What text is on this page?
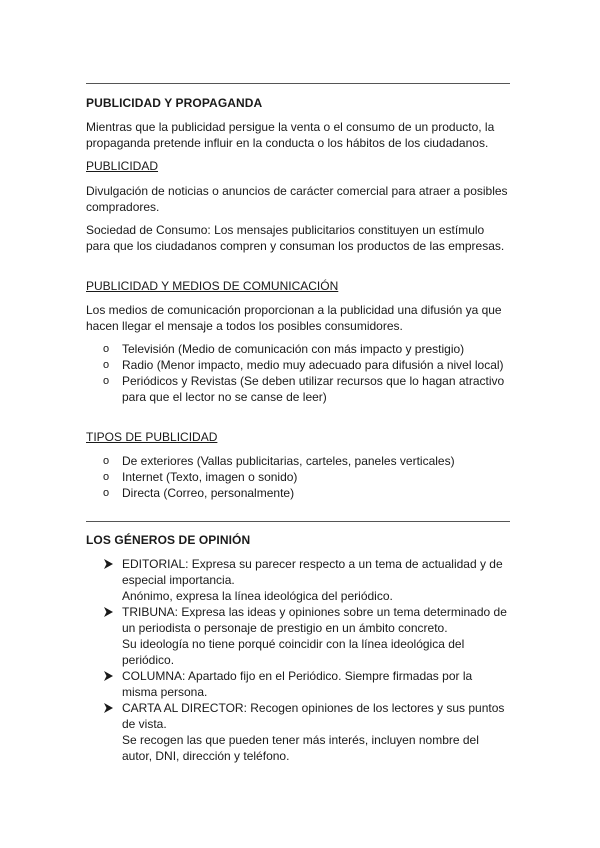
PUBLICIDAD Y PROPAGANDA
Mientras que la publicidad persigue la venta o el consumo de un producto, la propaganda pretende influir en la conducta o los hábitos de los ciudadanos.
PUBLICIDAD
Divulgación de noticias o anuncios de carácter comercial para atraer a posibles compradores.
Sociedad de Consumo: Los mensajes publicitarios constituyen un estímulo para que los ciudadanos compren y consuman los productos de las empresas.
PUBLICIDAD Y MEDIOS DE COMUNICACIÓN
Los medios de comunicación proporcionan a la publicidad una difusión ya que hacen llegar el mensaje a todos los posibles consumidores.
o Televisión (Medio de comunicación con más impacto y prestigio)
o Radio (Menor impacto, medio muy adecuado para difusión a nivel local)
o Periódicos y Revistas (Se deben utilizar recursos que lo hagan atractivo para que el lector no se canse de leer)
TIPOS DE PUBLICIDAD
o De exteriores (Vallas publicitarias, carteles, paneles verticales)
o Internet (Texto, imagen o sonido)
o Directa (Correo, personalmente)
LOS GÉNEROS DE OPINIÓN
EDITORIAL: Expresa su parecer respecto a un tema de actualidad y de especial importancia.
Anónimo, expresa la línea ideológica del periódico.
TRIBUNA: Expresa las ideas y opiniones sobre un tema determinado de un periodista o personaje de prestigio en un ámbito concreto.
Su ideología no tiene porqué coincidir con la línea ideológica del periódico.
COLUMNA: Apartado fijo en el Periódico. Siempre firmadas por la misma persona.
CARTA AL DIRECTOR: Recogen opiniones de los lectores y sus puntos de vista.
Se recogen las que pueden tener más interés, incluyen nombre del autor, DNI, dirección y teléfono.
